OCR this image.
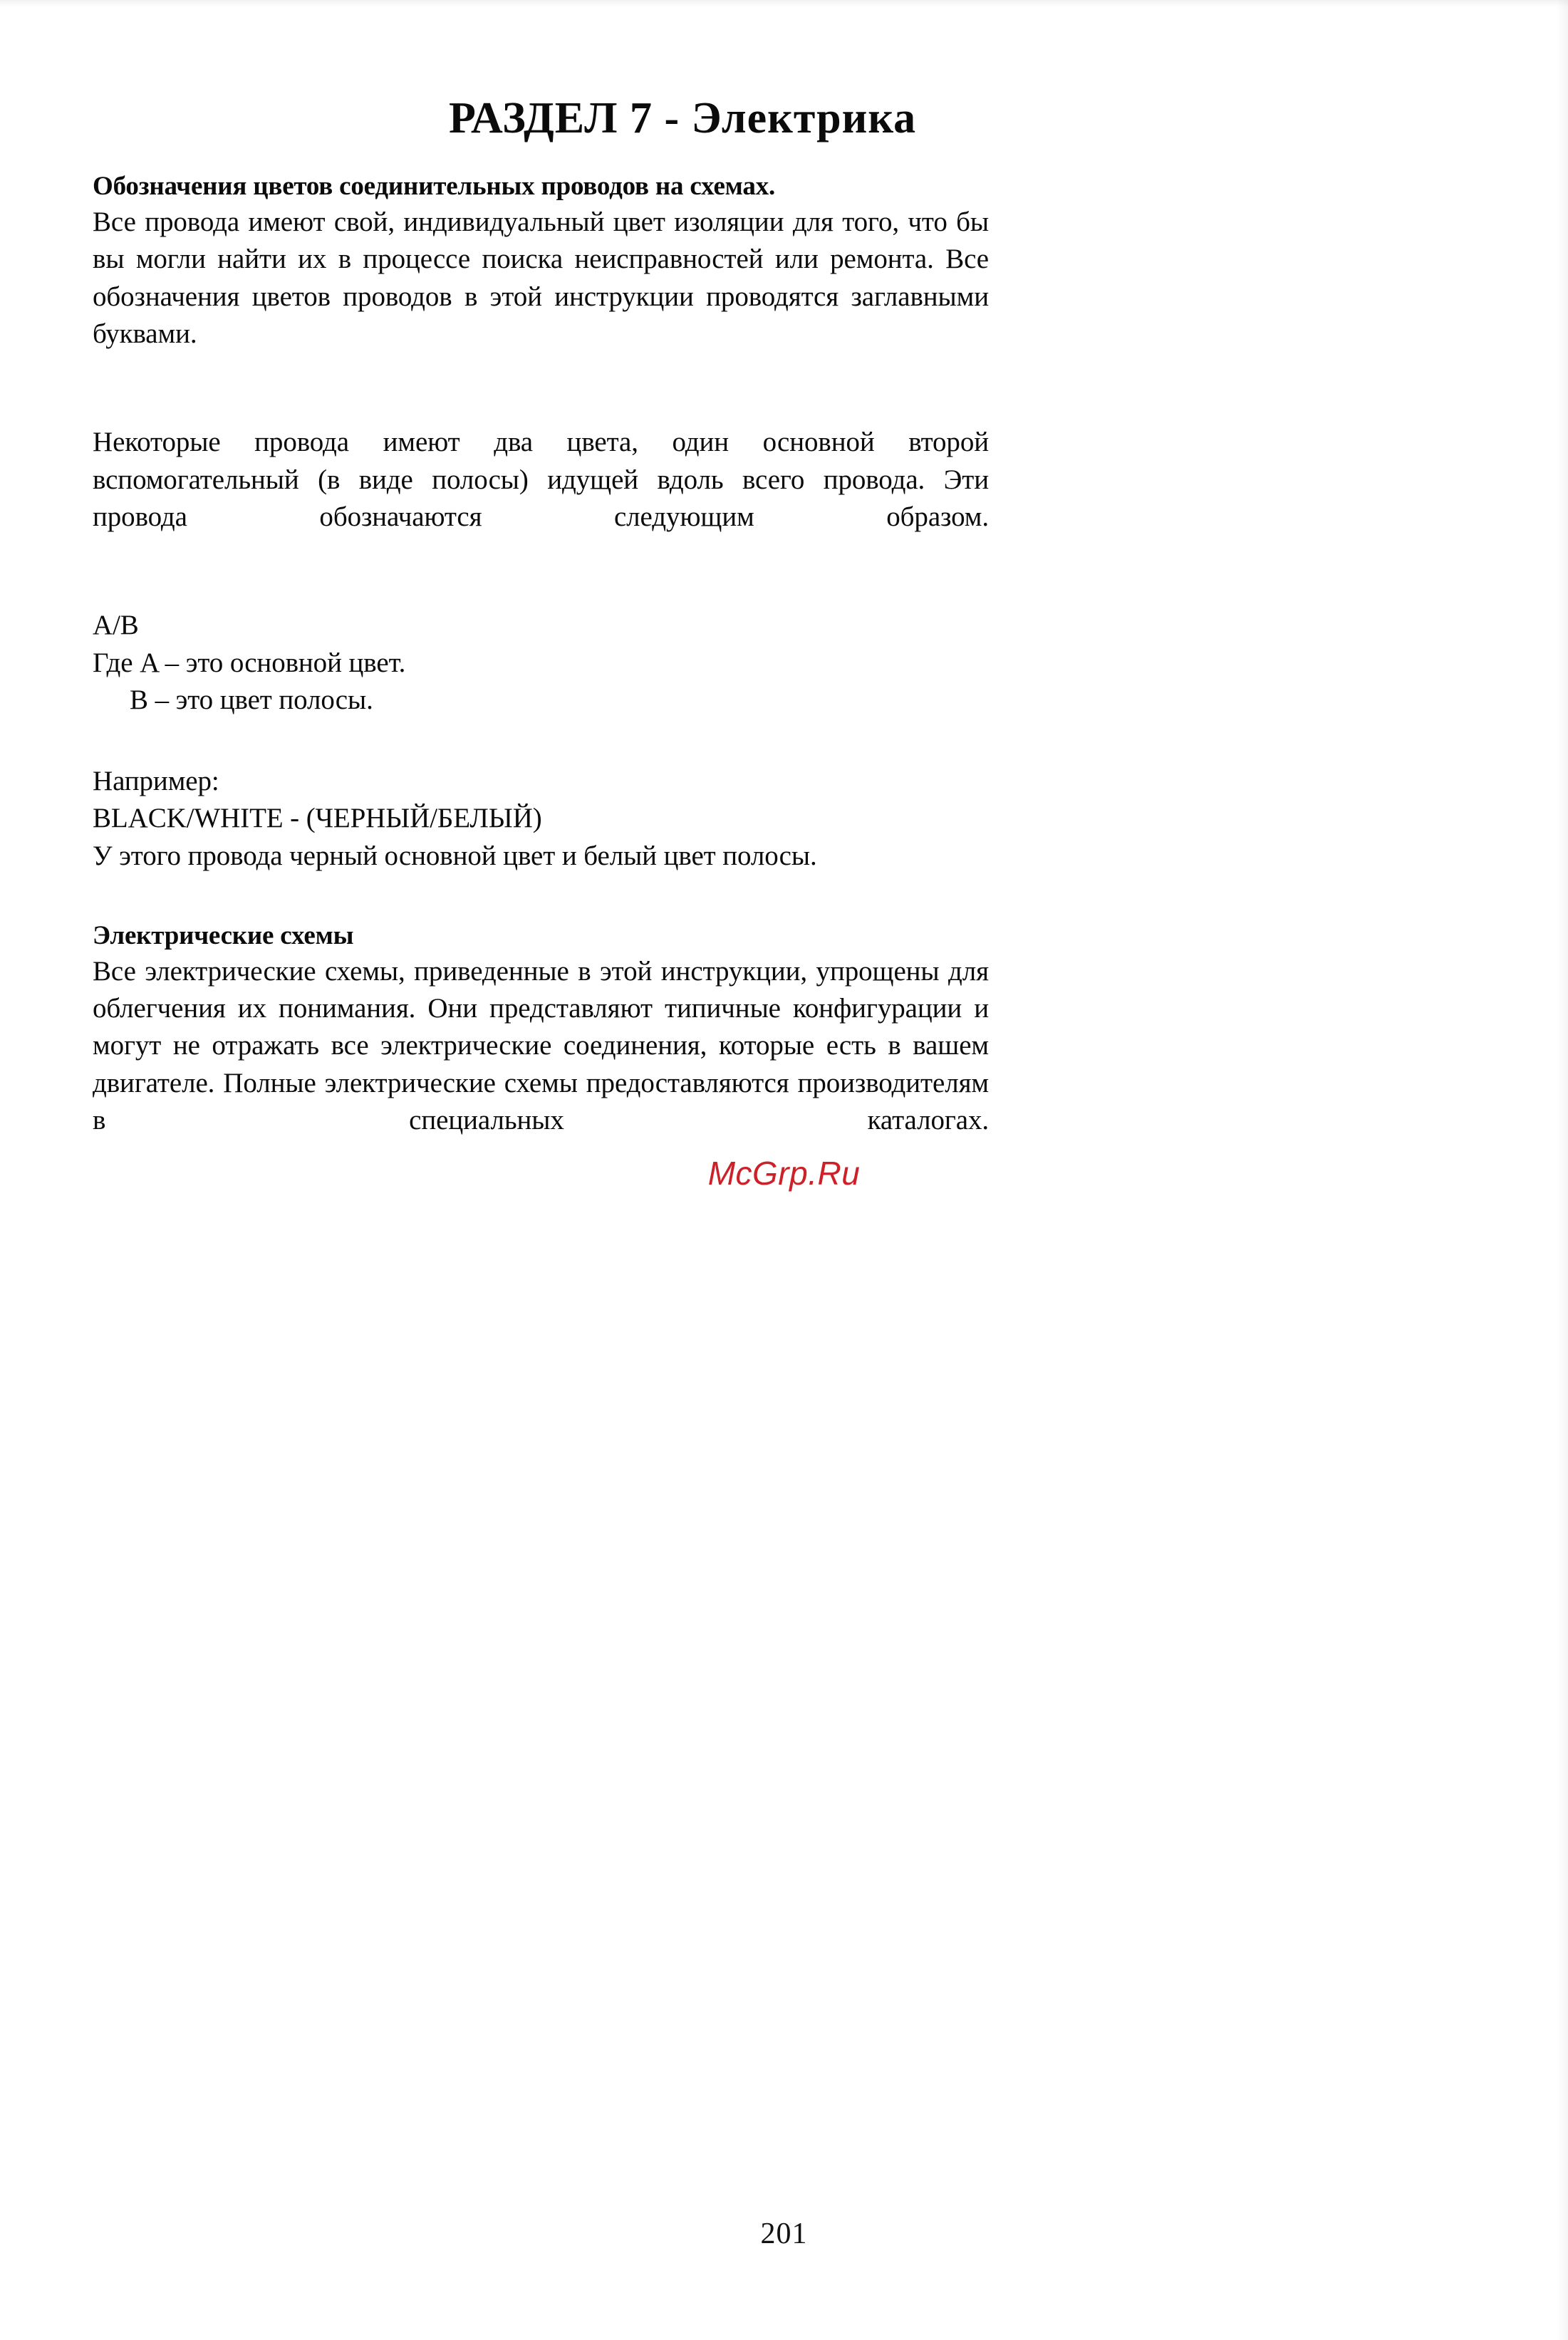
РАЗДЕЛ 7 - Электрика

Обозначения цветов соединительных проводов на схемах.

Все провода имеют свой, индивидуальный цвет изоляции для того, что бы вы могли найти их в процессе поиска неисправностей или ремонта. Все обозначения цветов проводов в этой инструкции проводятся заглавными буквами.

Некоторые провода имеют два цвета, один основной второй вспомогательный (в виде полосы) идущей вдоль всего провода. Эти провода обозначаются следующим образом.

A/B

Где A – это основной цвет.

B – это цвет полосы.

Например:

BLACK/WHITE - (ЧЕРНЫЙ/БЕЛЫЙ)

У этого провода черный основной цвет и белый цвет полосы.

Электрические схемы

Все электрические схемы, приведенные в этой инструкции, упрощены для облегчения их понимания. Они представляют типичные конфигурации и могут не отражать все электрические соединения, которые есть в вашем двигателе. Полные электрические схемы предоставляются производителям в специальных каталогах.

McGrp.Ru
201
